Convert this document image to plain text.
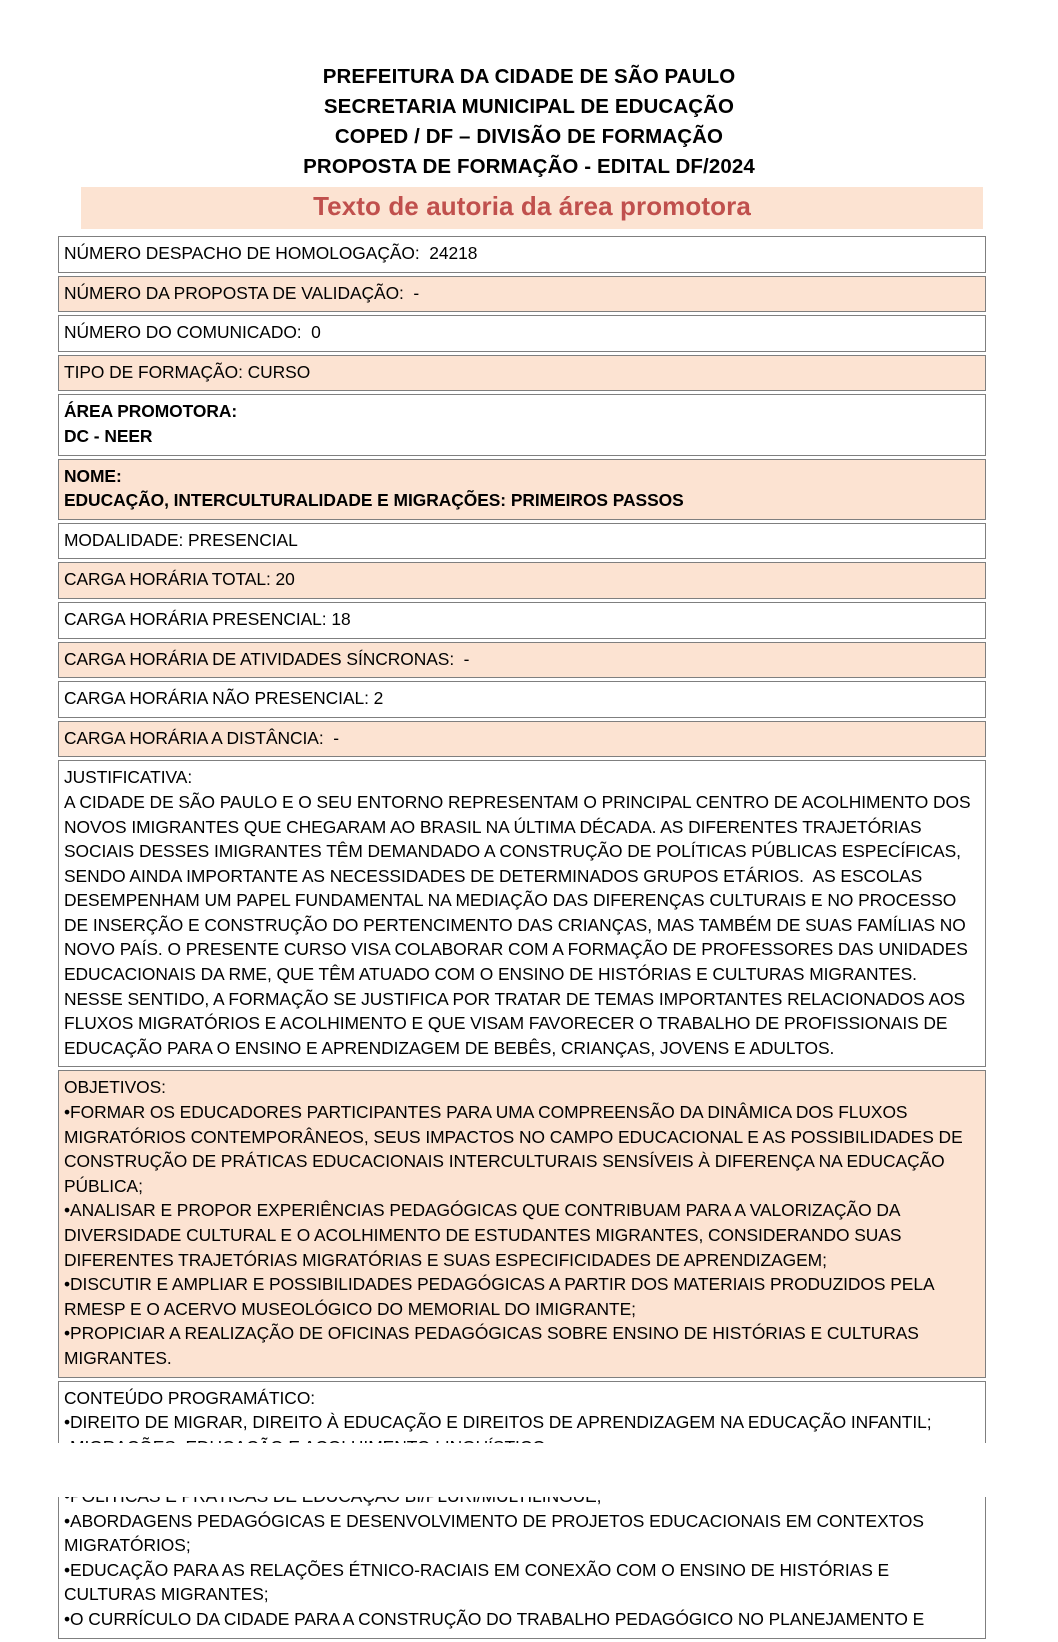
PREFEITURA DA CIDADE DE SÃO PAULO
SECRETARIA MUNICIPAL DE EDUCAÇÃO
COPED / DF – DIVISÃO DE FORMAÇÃO
PROPOSTA DE FORMAÇÃO - EDITAL DF/2024
Texto de autoria da área promotora
NÚMERO DESPACHO DE HOMOLOGAÇÃO:  24218

NÚMERO DA PROPOSTA DE VALIDAÇÃO:  -

NÚMERO DO COMUNICADO:  0

TIPO DE FORMAÇÃO: CURSO

ÁREA PROMOTORA:
DC - NEER

NOME:
EDUCAÇÃO, INTERCULTURALIDADE E MIGRAÇÕES: PRIMEIROS PASSOS

MODALIDADE: PRESENCIAL

CARGA HORÁRIA TOTAL: 20

CARGA HORÁRIA PRESENCIAL: 18

CARGA HORÁRIA DE ATIVIDADES SÍNCRONAS:  -

CARGA HORÁRIA NÃO PRESENCIAL: 2

CARGA HORÁRIA A DISTÂNCIA:  -

JUSTIFICATIVA:
A CIDADE DE SÃO PAULO E O SEU ENTORNO REPRESENTAM O PRINCIPAL CENTRO DE ACOLHIMENTO DOS NOVOS IMIGRANTES QUE CHEGARAM AO BRASIL NA ÚLTIMA DÉCADA. AS DIFERENTES TRAJETÓRIAS SOCIAIS DESSES IMIGRANTES TÊM DEMANDADO A CONSTRUÇÃO DE POLÍTICAS PÚBLICAS ESPECÍFICAS, SENDO AINDA IMPORTANTE AS NECESSIDADES DE DETERMINADOS GRUPOS ETÁRIOS.  AS ESCOLAS DESEMPENHAM UM PAPEL FUNDAMENTAL NA MEDIAÇÃO DAS DIFERENÇAS CULTURAIS E NO PROCESSO DE INSERÇÃO E CONSTRUÇÃO DO PERTENCIMENTO DAS CRIANÇAS, MAS TAMBÉM DE SUAS FAMÍLIAS NO NOVO PAÍS. O PRESENTE CURSO VISA COLABORAR COM A FORMAÇÃO DE PROFESSORES DAS UNIDADES EDUCACIONAIS DA RME, QUE TÊM ATUADO COM O ENSINO DE HISTÓRIAS E CULTURAS MIGRANTES. NESSE SENTIDO, A FORMAÇÃO SE JUSTIFICA POR TRATAR DE TEMAS IMPORTANTES RELACIONADOS AOS FLUXOS MIGRATÓRIOS E ACOLHIMENTO E QUE VISAM FAVORECER O TRABALHO DE PROFISSIONAIS DE EDUCAÇÃO PARA O ENSINO E APRENDIZAGEM DE BEBÊS, CRIANÇAS, JOVENS E ADULTOS.

OBJETIVOS:
•FORMAR OS EDUCADORES PARTICIPANTES PARA UMA COMPREENSÃO DA DINÂMICA DOS FLUXOS MIGRATÓRIOS CONTEMPORÂNEOS, SEUS IMPACTOS NO CAMPO EDUCACIONAL E AS POSSIBILIDADES DE CONSTRUÇÃO DE PRÁTICAS EDUCACIONAIS INTERCULTURAIS SENSÍVEIS À DIFERENÇA NA EDUCAÇÃO PÚBLICA;
•ANALISAR E PROPOR EXPERIÊNCIAS PEDAGÓGICAS QUE CONTRIBUAM PARA A VALORIZAÇÃO DA DIVERSIDADE CULTURAL E O ACOLHIMENTO DE ESTUDANTES MIGRANTES, CONSIDERANDO SUAS DIFERENTES TRAJETÓRIAS MIGRATÓRIAS E SUAS ESPECIFICIDADES DE APRENDIZAGEM;
•DISCUTIR E AMPLIAR E POSSIBILIDADES PEDAGÓGICAS A PARTIR DOS MATERIAIS PRODUZIDOS PELA RMESP E O ACERVO MUSEOLÓGICO DO MEMORIAL DO IMIGRANTE;
•PROPICIAR A REALIZAÇÃO DE OFICINAS PEDAGÓGICAS SOBRE ENSINO DE HISTÓRIAS E CULTURAS MIGRANTES.

CONTEÚDO PROGRAMÁTICO:
•DIREITO DE MIGRAR, DIREITO À EDUCAÇÃO E DIREITOS DE APRENDIZAGEM NA EDUCAÇÃO INFANTIL;
•ABORDAGENS PEDAGÓGICAS E DESENVOLVIMENTO DE PROJETOS EDUCACIONAIS EM CONTEXTOS MIGRATÓRIOS;
•EDUCAÇÃO PARA AS RELAÇÕES ÉTNICO-RACIAIS EM CONEXÃO COM O ENSINO DE HISTÓRIAS E CULTURAS MIGRANTES;
•O CURRÍCULO DA CIDADE PARA A CONSTRUÇÃO DO TRABALHO PEDAGÓGICO NO PLANEJAMENTO E
